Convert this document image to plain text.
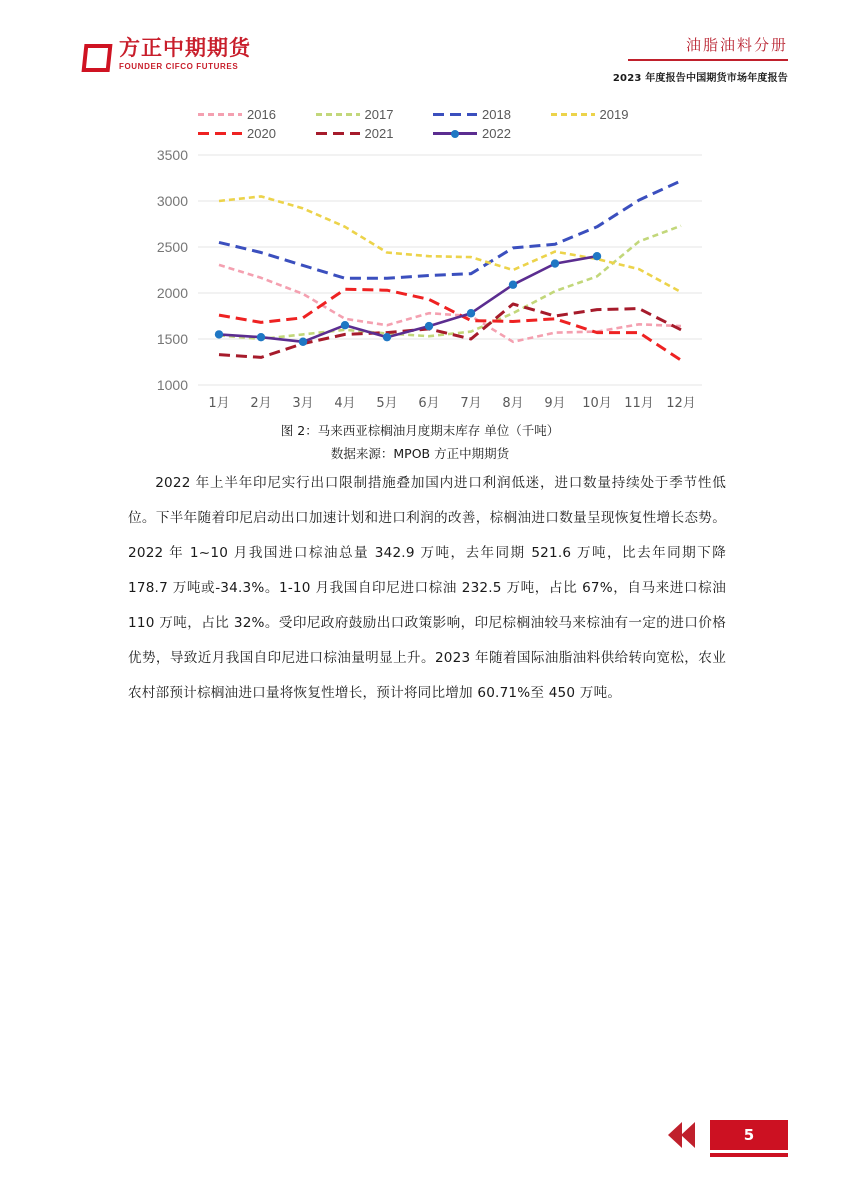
方正中期期货
FOUNDER CIFCO FUTURES
油脂油料分册
2023 年度报告中国期货市场年度报告
2016	2017	2018	2019
2020	2021	2022
1000
1500
2000
2500
3000
3500
1月 2月 3月 4月 5月 6月 7月 8月 9月 10月 11月 12月
图 2：马来西亚棕榈油月度期末库存 单位（千吨）
数据来源：MPOB 方正中期期货
2022 年上半年印尼实行出口限制措施叠加国内进口利润低迷，进口数量持续处于季节性低位。下半年随着印尼启动出口加速计划和进口利润的改善，棕榈油进口数量呈现恢复性增长态势。2022 年 1~10 月我国进口棕油总量 342.9 万吨，去年同期 521.6 万吨，比去年同期下降 178.7 万吨或-34.3%。1-10 月我国自印尼进口棕油 232.5 万吨，占比 67%，自马来进口棕油 110 万吨，占比 32%。受印尼政府鼓励出口政策影响，印尼棕榈油较马来棕油有一定的进口价格优势，导致近月我国自印尼进口棕油量明显上升。2023 年随着国际油脂油料供给转向宽松，农业农村部预计棕榈油进口量将恢复性增长，预计将同比增加 60.71%至 450 万吨。
5
